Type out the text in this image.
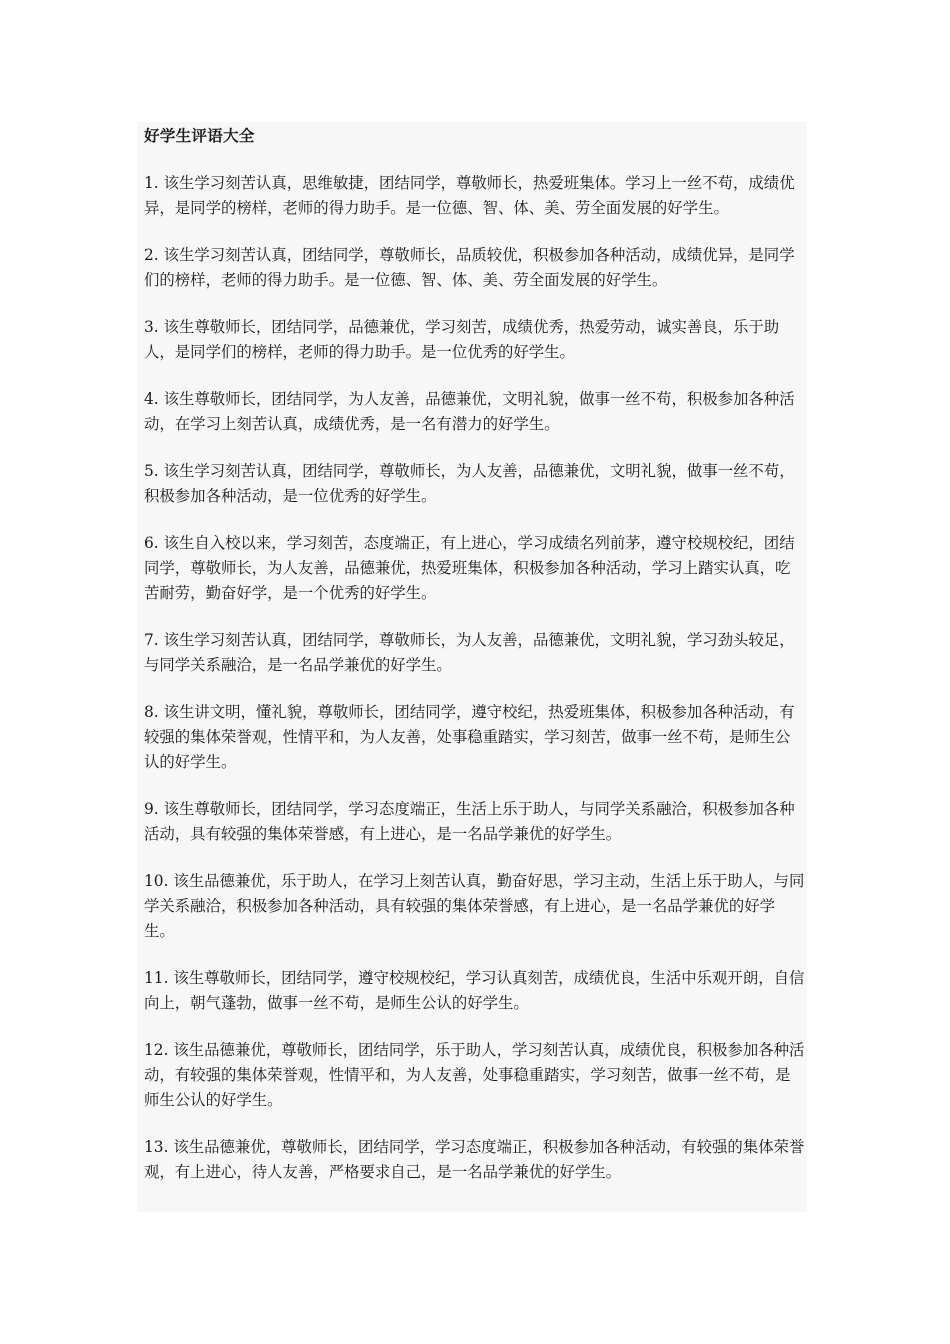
好学生评语大全

1. 该生学习刻苦认真，思维敏捷，团结同学，尊敬师长，热爱班集体。学习上一丝不苟，成绩优异，是同学的榜样，老师的得力助手。是一位德、智、体、美、劳全面发展的好学生。

2. 该生学习刻苦认真，团结同学，尊敬师长，品质较优，积极参加各种活动，成绩优异，是同学们的榜样，老师的得力助手。是一位德、智、体、美、劳全面发展的好学生。

3. 该生尊敬师长，团结同学，品德兼优，学习刻苦，成绩优秀，热爱劳动，诚实善良，乐于助人，是同学们的榜样，老师的得力助手。是一位优秀的好学生。

4. 该生尊敬师长，团结同学，为人友善，品德兼优，文明礼貌，做事一丝不苟，积极参加各种活动，在学习上刻苦认真，成绩优秀，是一名有潜力的好学生。

5. 该生学习刻苦认真，团结同学，尊敬师长，为人友善，品德兼优，文明礼貌，做事一丝不苟，积极参加各种活动，是一位优秀的好学生。

6. 该生自入校以来，学习刻苦，态度端正，有上进心，学习成绩名列前茅，遵守校规校纪，团结同学，尊敬师长，为人友善，品德兼优，热爱班集体，积极参加各种活动，学习上踏实认真，吃苦耐劳，勤奋好学，是一个优秀的好学生。

7. 该生学习刻苦认真，团结同学，尊敬师长，为人友善，品德兼优，文明礼貌，学习劲头较足，与同学关系融洽，是一名品学兼优的好学生。

8. 该生讲文明，懂礼貌，尊敬师长，团结同学，遵守校纪，热爱班集体，积极参加各种活动，有较强的集体荣誉观，性情平和，为人友善，处事稳重踏实，学习刻苦，做事一丝不苟，是师生公认的好学生。

9. 该生尊敬师长，团结同学，学习态度端正，生活上乐于助人，与同学关系融洽，积极参加各种活动，具有较强的集体荣誉感，有上进心，是一名品学兼优的好学生。

10. 该生品德兼优，乐于助人，在学习上刻苦认真，勤奋好思，学习主动，生活上乐于助人，与同学关系融洽，积极参加各种活动，具有较强的集体荣誉感，有上进心，是一名品学兼优的好学生。

11. 该生尊敬师长，团结同学，遵守校规校纪，学习认真刻苦，成绩优良，生活中乐观开朗，自信向上，朝气蓬勃，做事一丝不苟，是师生公认的好学生。

12. 该生品德兼优，尊敬师长，团结同学，乐于助人，学习刻苦认真，成绩优良，积极参加各种活动，有较强的集体荣誉观，性情平和，为人友善，处事稳重踏实，学习刻苦，做事一丝不苟，是师生公认的好学生。

13. 该生品德兼优，尊敬师长，团结同学，学习态度端正，积极参加各种活动，有较强的集体荣誉观，有上进心，待人友善，严格要求自己，是一名品学兼优的好学生。
